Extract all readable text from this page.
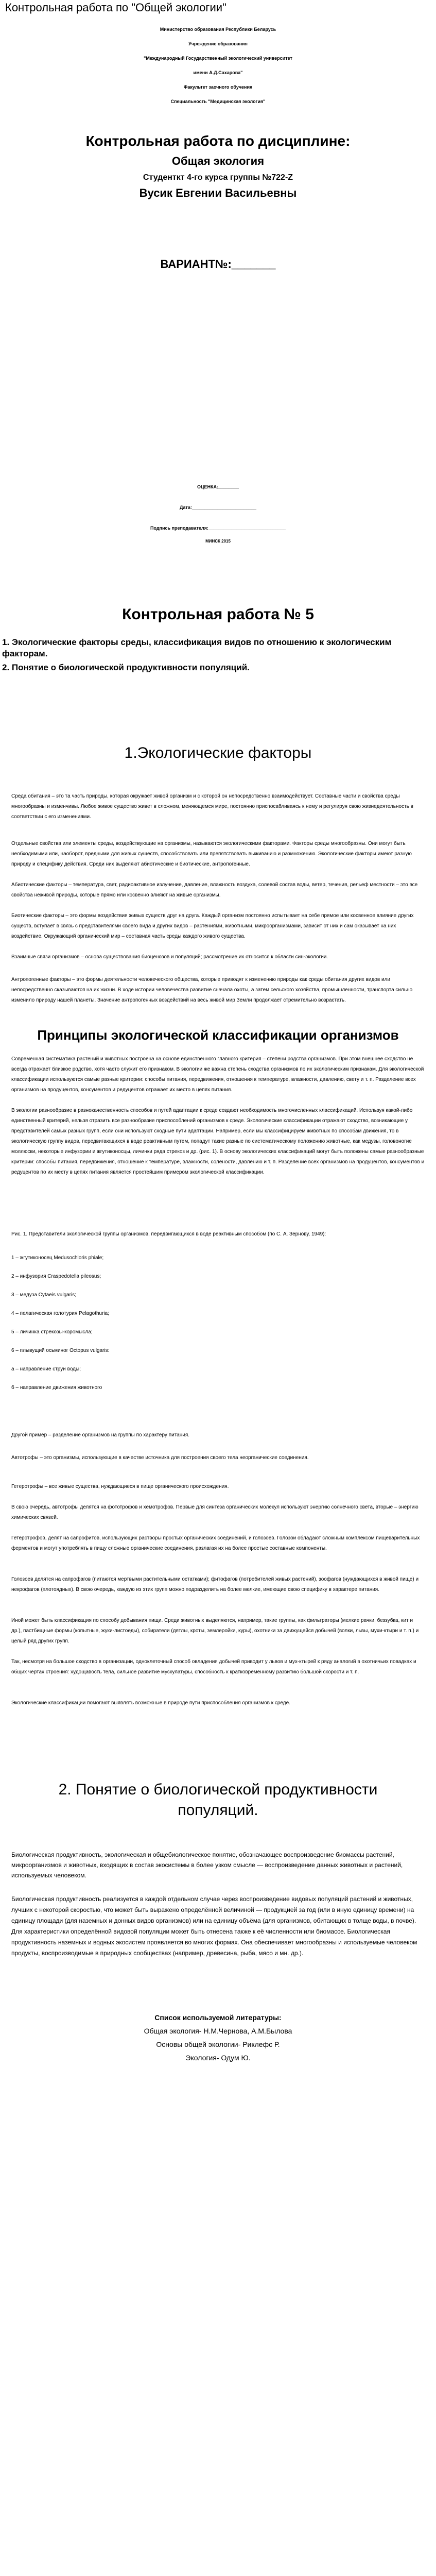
Контрольная работа по "Общей экологии"

Министерство образования Республики Беларусь

Учреждение образования

"Международный Государственный экологический университет

имени А.Д.Сахарова"

Факультет заочного обучения

Специальность "Медицинская экология"

Контрольная работа по дисциплине:

Общая экология

Студенткт 4-го курса группы №722-Z

Вусик Евгении Васильевны

ВАРИАНТ№:_______

ОЦЕНКА:________

Дата:_________________________

Подпись преподавателя:______________________________

МИНСК 2015

Контрольная работа № 5

1. Экологические факторы среды, классификация видов по отношению к экологическим факторам.

2. Понятие о биологической продуктивности популяций.

1.Экологические факторы

Среда обитания – это та часть природы, которая окружает живой организм и с которой он непосредственно взаимодействует. Составные части и свойства среды многообразны и изменчивы. Любое живое существо живет в сложном, меняющемся мире, постоянно приспосабливаясь к нему и регулируя свою жизнедеятельность в соответствии с его изменениями.

Отдельные свойства или элементы среды, воздействующие на организмы, называются экологическими факторами. Факторы среды многообразны. Они могут быть необходимыми или, наоборот, вредными для живых существ, способствовать или препятствовать выживанию и размножению. Экологические факторы имеют разную природу и специфику действия. Среди них выделяют абиотические и биотические, антропогенные.

Абиотические факторы – температура, свет, радиоактивное излучение, давление, влажность воздуха, солевой состав воды, ветер, течения, рельеф местности – это все свойства неживой природы, которые прямо или косвенно влияют на живые организмы.

Биотические факторы – это формы воздействия живых существ друг на друга. Каждый организм постоянно испытывает на себе прямое или косвенное влияние других существ, вступает в связь с представителями своего вида и других видов – растениями, животными, микроорганизмами, зависит от них и сам оказывает на них воздействие. Окружающий органический мир – составная часть среды каждого живого существа.

Взаимные связи организмов – основа существования биоценозов и популяций; рассмотрение их относится к области син-экологии.

Антропогенные факторы – это формы деятельности человеческого общества, которые приводят к изменению природы как среды обитания других видов или непосредственно сказываются на их жизни. В ходе истории человечества развитие сначала охоты, а затем сельского хозяйства, промышленности, транспорта сильно изменило природу нашей планеты. Значение антропогенных воздействий на весь живой мир Земли продолжает стремительно возрастать.

Принципы экологической классификации организмов

Современная систематика растений и животных построена на основе единственного главного критерия – степени родства организмов. При этом внешнее сходство не всегда отражает близкое родство, хотя часто служит его признаком. В экологии же важна степень сходства организмов по их экологическим признакам. Для экологической классификации используются самые разные критерии: способы питания, передвижения, отношения к температуре, влажности, давлению, свету и т. п. Разделение всех организмов на продуцентов, консументов и редуцентов отражает их место в цепях питания.

В экологии разнообразие в разнокачественность способов и путей адаптации к среде создают необходимость многочисленных классификаций. Используя какой-либо единственный критерий, нельзя отразить все разнообразие приспособлений организмов к среде. Экологические классификации отражают сходство, возникающие у представителей самых разных групп, если они используют сходные пути адаптации. Например, если мы классифицируем животных по способам движения, то в экологическую группу видов, передвигающихся в воде реактивным путем, попадут такие разные по систематическому положению животные, как медузы, головоногие моллюски, некоторые инфузории и жгутиконосцы, личинки ряда стрекоз и др. (рис. 1). В основу экологических классификаций могут быть положены самые разнообразные критерии: способы питания, передвижения, отношение к температуре, влажности, солености, давлению и т. п. Разделение всех организмов на продуцентов, консументов и редуцентов по их месту в цепях питания является простейшим примером экологической классификации.

Рис. 1. Представители экологической группы организмов, передвигающихся в воде реактивным способом (по С. А. Зернову, 1949):

1 – жгутиконосец Medusochloris phiale;

2 – инфузория Craspedotella pileosus;

3 – медуза Cytaeis vulgaris;

4 – пелагическая голотурия Pelagothuria;

5 – личинка стрекозы-коромысла;

6 – плывущий осьминог Octopus vulgaris:

а – направление струи воды;

б – направление движения животного

Другой пример – разделение организмов на группы по характеру питания.

Автотрофы – это организмы, использующие в качестве источника для построения своего тела неорганические соединения.

Гетеротрофы – все живые существа, нуждающиеся в пище органического происхождения.

В свою очередь, автотрофы делятся на фототрофов и хемотрофов. Первые для синтеза органических молекул используют энергию солнечного света, вторые – энергию химических связей.

Гетеротрофов, делят на сапрофитов, использующих растворы простых органических соединений, и голозоев. Голозои обладают сложным комплексом пищеварительных ферментов и могут употреблять в пищу сложные органические соединения, разлагая их на более простые составные компоненты.

Голозоев делятся на сапрофагов (питаются мертвыми растительными остатками); фитофагов (потребителей живых растений), зоофагов (нуждающихся в живой пище) и некрофагов (плотоядных). В свою очередь, каждую из этих групп можно подразделить на более мелкие, имеющие свою специфику в характере питания.

Иной может быть классификация по способу добывания пищи. Среди животных выделяются, например, такие группы, как фильтраторы (мелкие рачки, беззубка, кит и др.), пастбищные формы (копытные, жуки-листоеды), собиратели (дятлы, кроты, землеройки, куры), охотники за движущейся добычей (волки, львы, мухи-ктыри и т. п.) и целый ряд других групп.

Так, несмотря на большое сходство в организации, одноклеточный способ овладения добычей приводит у львов и мух-ктырей к ряду аналогий в охотничьих повадках и общих чертах строения: худощавость тела, сильное развитие мускулатуры, способность к кратковременному развитию большой скорости и т. п.

Экологические классификации помогают выявлять возможные в природе пути приспособления организмов к среде.

2. Понятие о биологической продуктивности популяций.

Биологическая продуктивность, экологическая и общебиологическое понятие, обозначающее воспроизведение биомассы растений, микроорганизмов и животных, входящих в состав экосистемы в более узком смысле — воспроизведение данных животных и растений, используемых человеком.

Биологическая продуктивность реализуется в каждой отдельном случае через воспроизведение видовых популяций растений и животных, лучших с некоторой скоростью, что может быть выражено определённой величиной — продукцией за год (или в иную единицу времени) на единицу площади (для наземных и донных видов организмов) или на единицу объёма (для организмов, обитающих в толще воды, в почве). Для характеристики определённой видовой популяции может быть отнесена также к её численности или биомассе. Биологическая продуктивность наземных и водных экосистем проявляется во многих формах. Она обеспечивает многообразны и используемые человеком продукты, воспроизводимые в природных сообществах (например, древесина, рыба, мясо и мн. др.).

Список используемой литературы:

Общая экология- Н.М.Чернова, А.М.Былова

Основы общей экологии- Риклефс Р.

Экология- Одум Ю.
